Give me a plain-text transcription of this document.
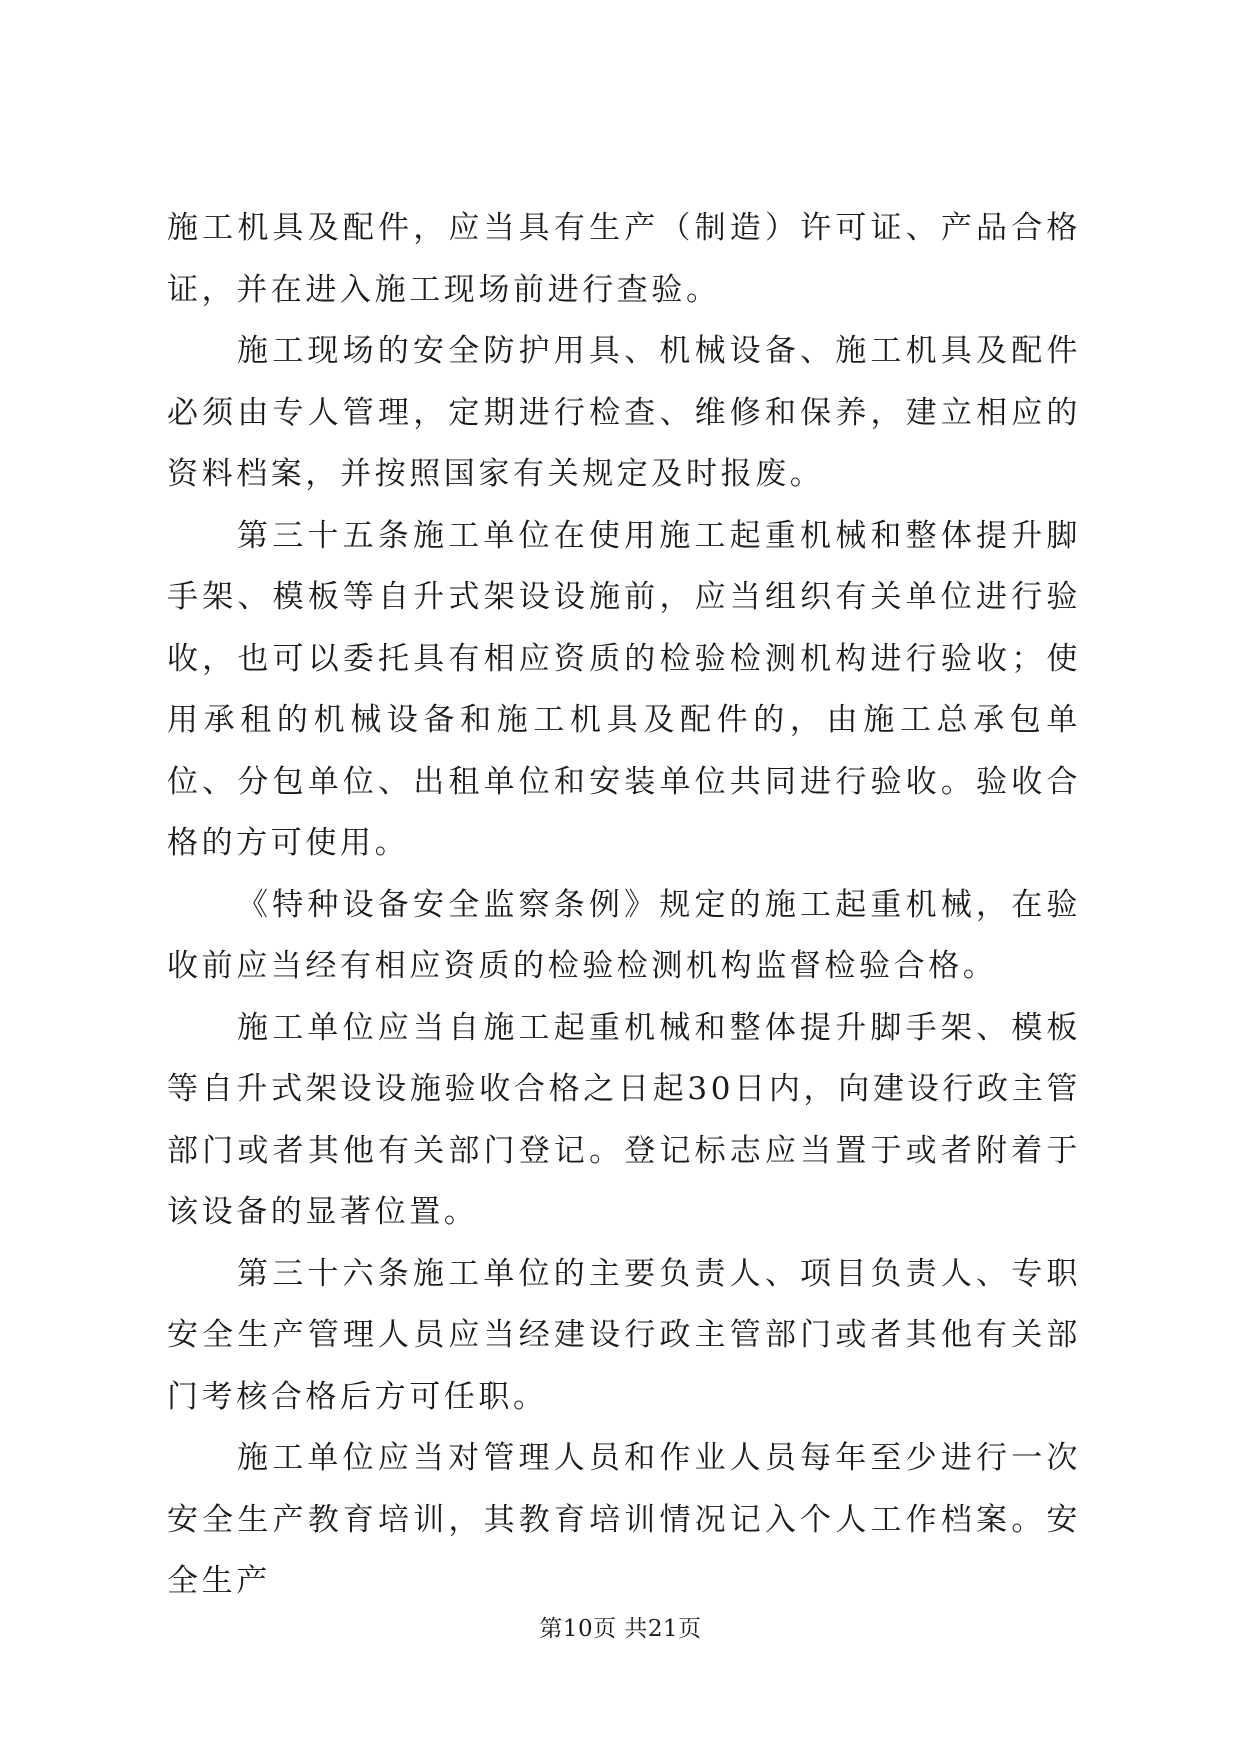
施工机具及配件，应当具有生产（制造）许可证、产品合格证，并在进入施工现场前进行查验。

施工现场的安全防护用具、机械设备、施工机具及配件必须由专人管理，定期进行检查、维修和保养，建立相应的资料档案，并按照国家有关规定及时报废。

第三十五条施工单位在使用施工起重机械和整体提升脚手架、模板等自升式架设设施前，应当组织有关单位进行验收，也可以委托具有相应资质的检验检测机构进行验收；使用承租的机械设备和施工机具及配件的，由施工总承包单位、分包单位、出租单位和安装单位共同进行验收。验收合格的方可使用。

《特种设备安全监察条例》规定的施工起重机械，在验收前应当经有相应资质的检验检测机构监督检验合格。

施工单位应当自施工起重机械和整体提升脚手架、模板等自升式架设设施验收合格之日起30日内，向建设行政主管部门或者其他有关部门登记。登记标志应当置于或者附着于该设备的显著位置。

第三十六条施工单位的主要负责人、项目负责人、专职安全生产管理人员应当经建设行政主管部门或者其他有关部门考核合格后方可任职。

施工单位应当对管理人员和作业人员每年至少进行一次安全生产教育培训，其教育培训情况记入个人工作档案。安全生产

第10页 共21页
